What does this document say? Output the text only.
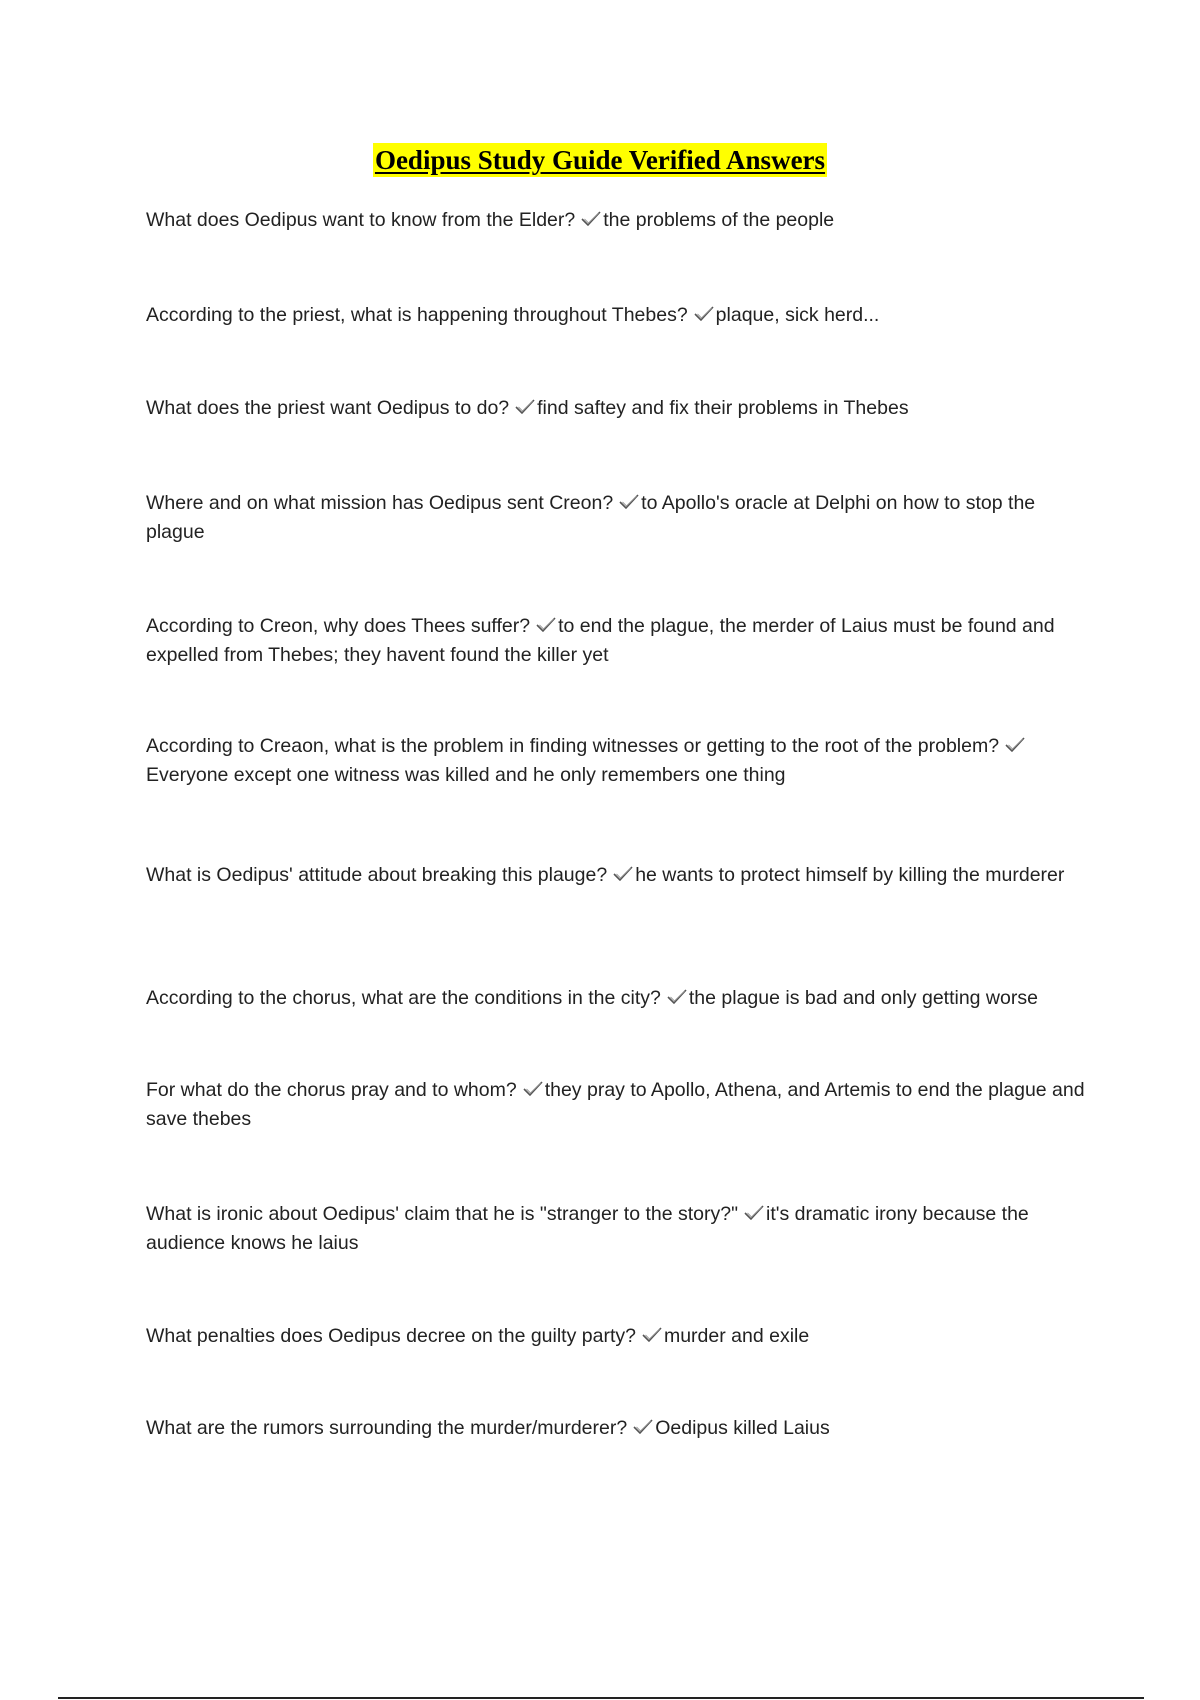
Oedipus Study Guide Verified Answers
What does Oedipus want to know from the Elder? the problems of the people
According to the priest, what is happening throughout Thebes? plaque, sick herd...
What does the priest want Oedipus to do? find saftey and fix their problems in Thebes
Where and on what mission has Oedipus sent Creon? to Apollo's oracle at Delphi on how to stop the plague
According to Creon, why does Thees suffer? to end the plague, the merder of Laius must be found and expelled from Thebes; they havent found the killer yet
According to Creaon, what is the problem in finding witnesses or getting to the root of the problem?
Everyone except one witness was killed and he only remembers one thing
What is Oedipus' attitude about breaking this plauge? he wants to protect himself by killing the murderer
According to the chorus, what are the conditions in the city? the plague is bad and only getting worse
For what do the chorus pray and to whom? they pray to Apollo, Athena, and Artemis to end the plague and save thebes
What is ironic about Oedipus' claim that he is "stranger to the story?" it's dramatic irony because the audience knows he laius
What penalties does Oedipus decree on the guilty party? murder and exile
What are the rumors surrounding the murder/murderer? Oedipus killed Laius
